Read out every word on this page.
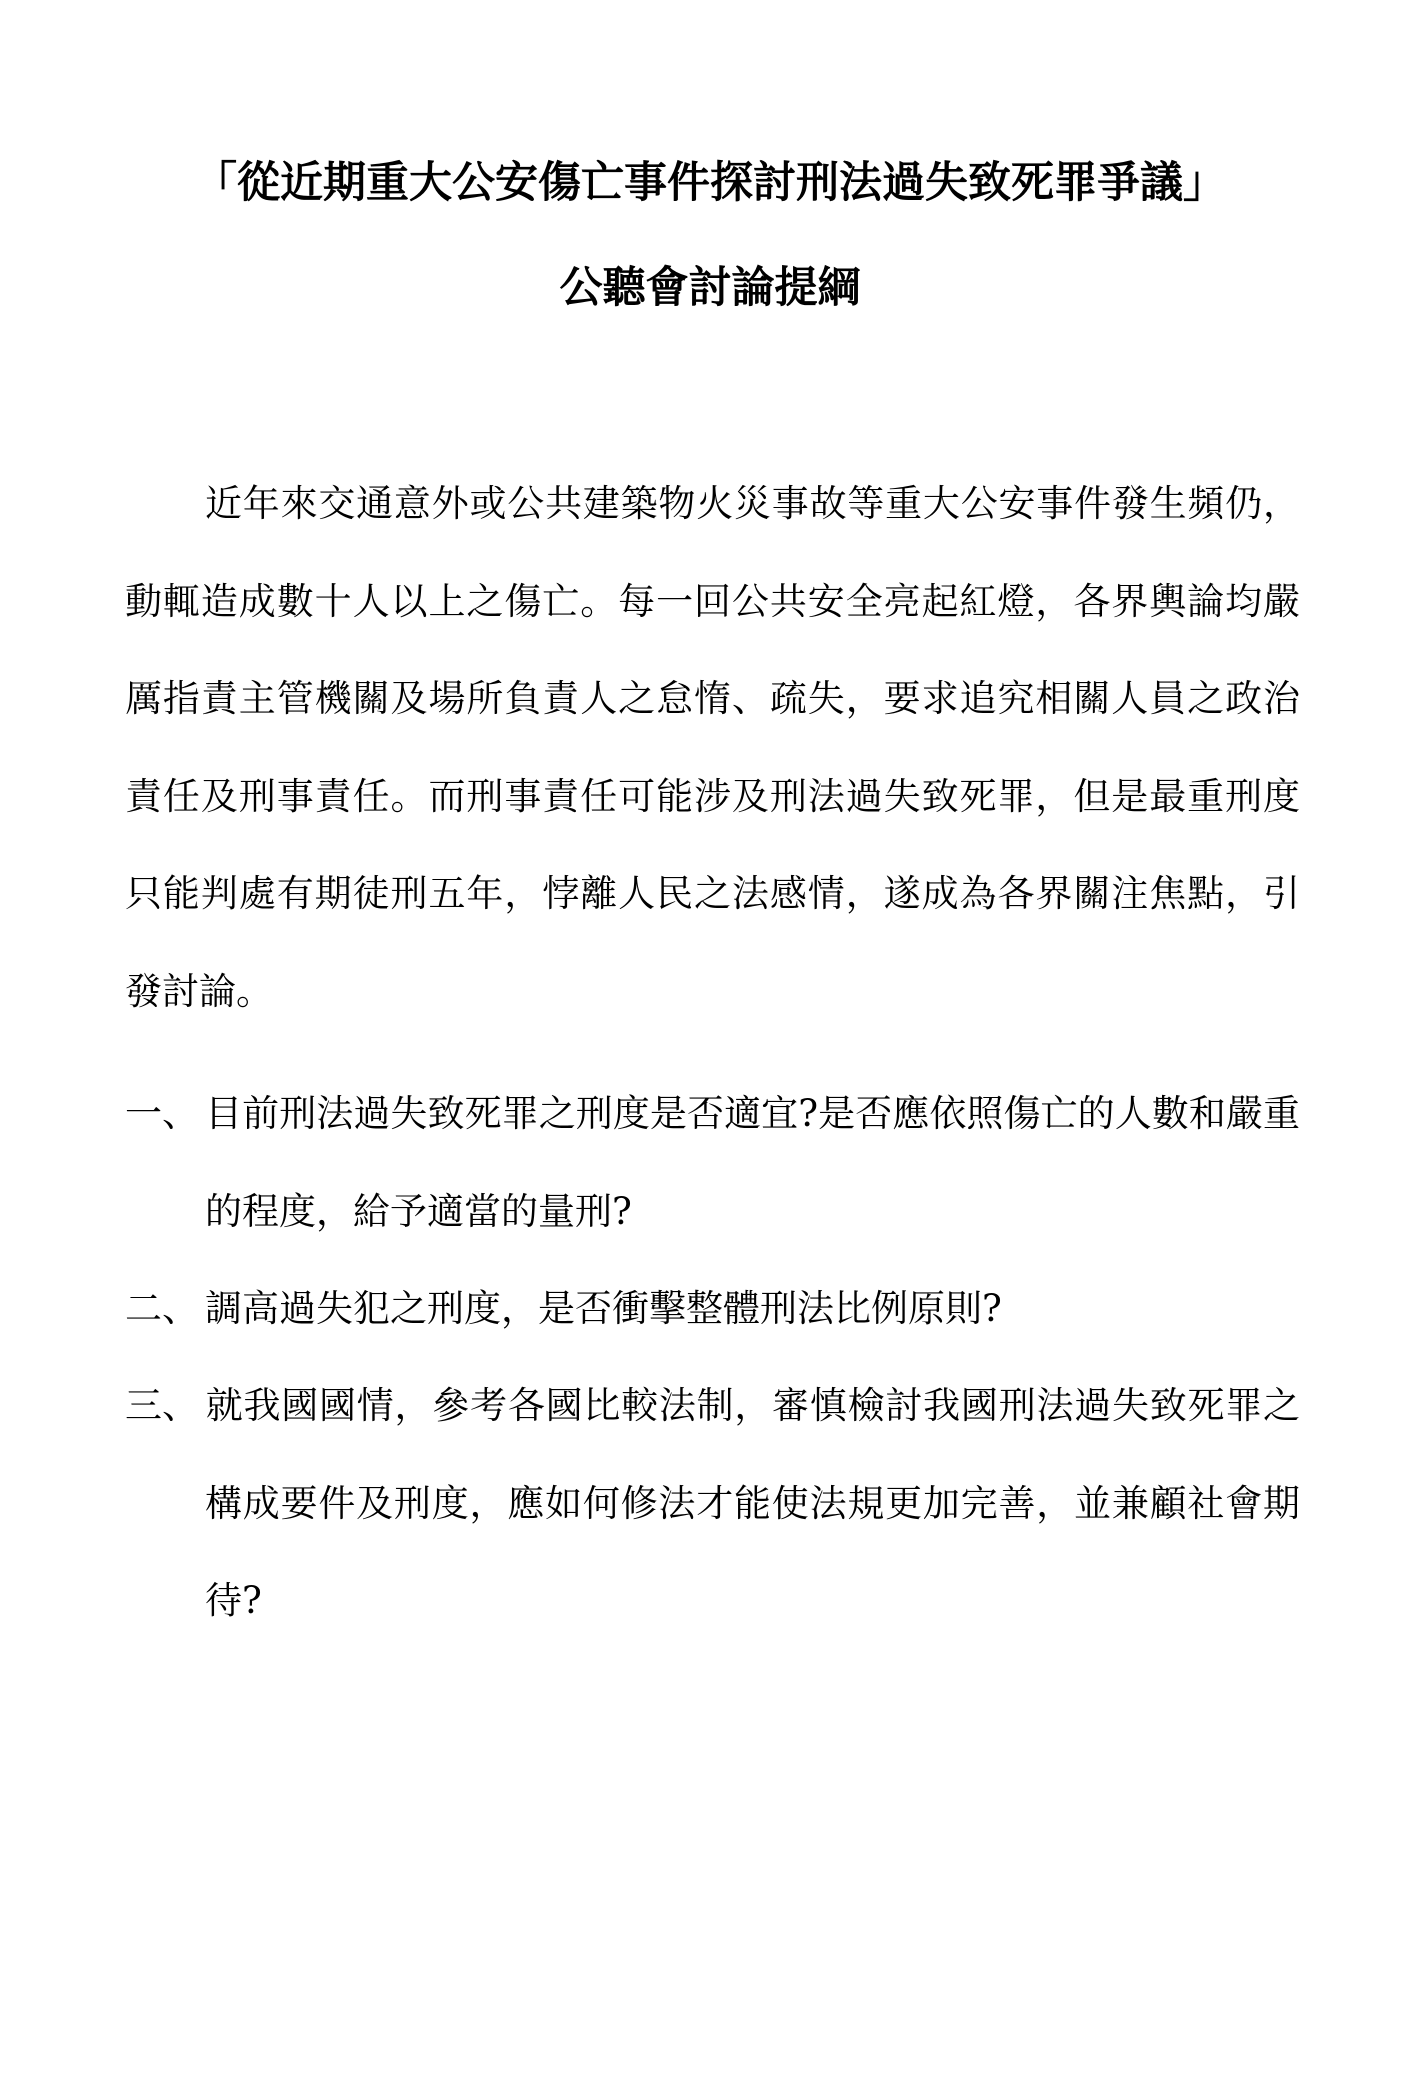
「從近期重大公安傷亡事件探討刑法過失致死罪爭議」
公聽會討論提綱

近年來交通意外或公共建築物火災事故等重大公安事件發生頻仍，動輒造成數十人以上之傷亡。每一回公共安全亮起紅燈，各界輿論均嚴厲指責主管機關及場所負責人之怠惰、疏失，要求追究相關人員之政治責任及刑事責任。而刑事責任可能涉及刑法過失致死罪，但是最重刑度只能判處有期徒刑五年，悖離人民之法感情，遂成為各界關注焦點，引發討論。

一、 目前刑法過失致死罪之刑度是否適宜?是否應依照傷亡的人數和嚴重的程度，給予適當的量刑?

二、 調高過失犯之刑度，是否衝擊整體刑法比例原則?

三、 就我國國情，參考各國比較法制，審慎檢討我國刑法過失致死罪之構成要件及刑度，應如何修法才能使法規更加完善，並兼顧社會期待?
